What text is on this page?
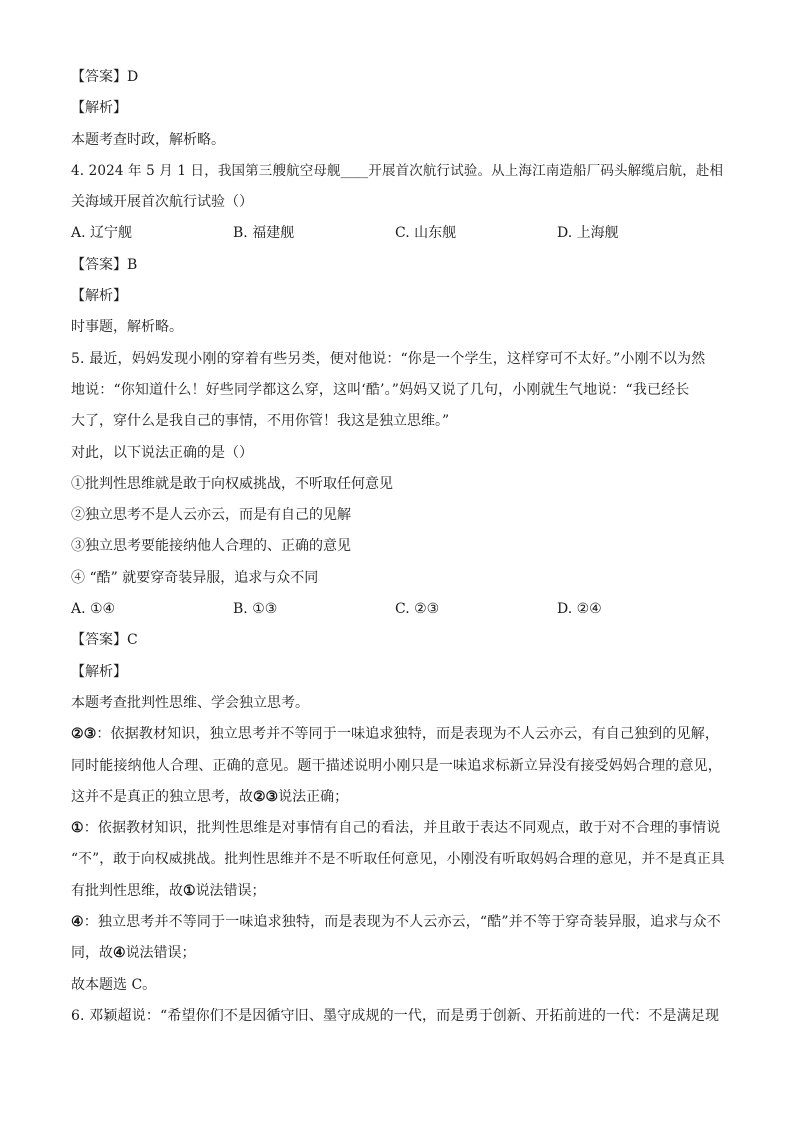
【答案】D
【解析】
本题考查时政，解析略。
4. 2024 年 5 月 1 日，我国第三艘航空母舰____开展首次航行试验。从上海江南造船厂码头解缆启航，赴相
关海域开展首次航行试验（）
A. 辽宁舰	B. 福建舰	C. 山东舰	D. 上海舰
【答案】B
【解析】
时事题，解析略。
5. 最近，妈妈发现小刚的穿着有些另类，便对他说：“你是一个学生，这样穿可不太好。”小刚不以为然
地说：“你知道什么！好些同学都这么穿，这叫‘酷’。”妈妈又说了几句，小刚就生气地说：“我已经长
大了，穿什么是我自己的事情，不用你管！我这是独立思维。”
对此，以下说法正确的是（）
①批判性思维就是敢于向权威挑战，不听取任何意见
②独立思考不是人云亦云，而是有自己的见解
③独立思考要能接纳他人合理的、正确的意见
④ “酷” 就要穿奇装异服，追求与众不同
A. ①④	B. ①③	C. ②③	D. ②④
【答案】C
【解析】
本题考查批判性思维、学会独立思考。
②③：依据教材知识，独立思考并不等同于一味追求独特，而是表现为不人云亦云，有自己独到的见解，
同时能接纳他人合理、正确的意见。题干描述说明小刚只是一味追求标新立异没有接受妈妈合理的意见，
这并不是真正的独立思考，故②③说法正确；
①：依据教材知识，批判性思维是对事情有自己的看法，并且敢于表达不同观点，敢于对不合理的事情说
“不”，敢于向权威挑战。批判性思维并不是不听取任何意见，小刚没有听取妈妈合理的意见，并不是真正具
有批判性思维，故①说法错误；
④：独立思考并不等同于一味追求独特，而是表现为不人云亦云，“酷”并不等于穿奇装异服，追求与众不
同，故④说法错误；
故本题选 C。
6. 邓颖超说：“希望你们不是因循守旧、墨守成规的一代，而是勇于创新、开拓前进的一代：不是满足现
